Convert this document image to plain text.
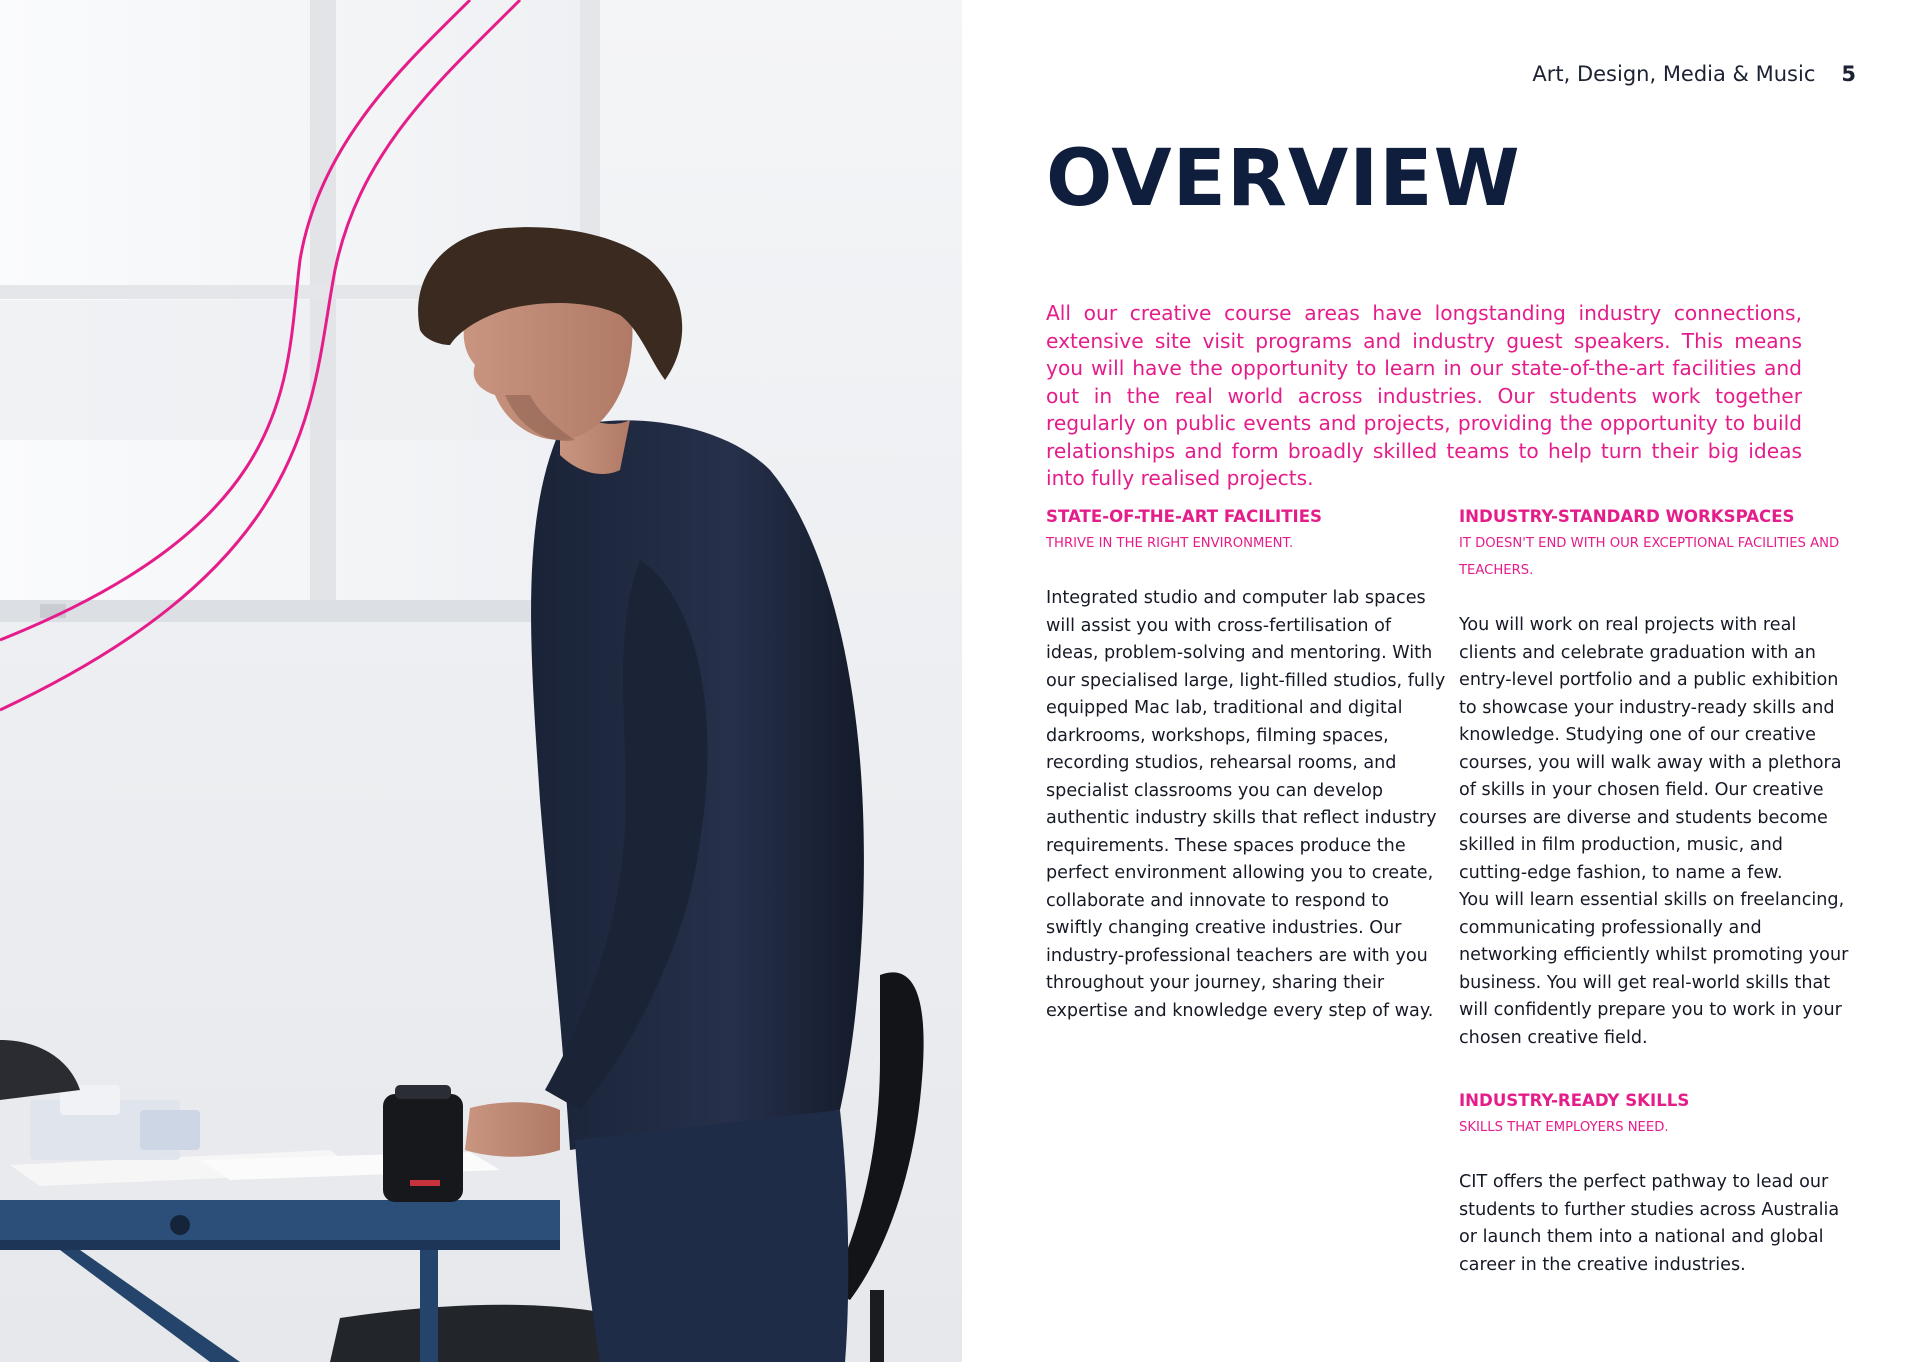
Art, Design, Media & Music 5
OVERVIEW

All our creative course areas have longstanding industry connections, extensive site visit programs and industry guest speakers. This means you will have the opportunity to learn in our state-of-the-art facilities and out in the real world across industries. Our students work together regularly on public events and projects, providing the opportunity to build relationships and form broadly skilled teams to help turn their big ideas into fully realised projects.

STATE-OF-THE-ART FACILITIES

THRIVE IN THE RIGHT ENVIRONMENT.

Integrated studio and computer lab spaces will assist you with cross-fertilisation of ideas, problem-solving and mentoring. With our specialised large, light-filled studios, fully equipped Mac lab, traditional and digital darkrooms, workshops, filming spaces, recording studios, rehearsal rooms, and specialist classrooms you can develop authentic industry skills that reflect industry requirements. These spaces produce the perfect environment allowing you to create, collaborate and innovate to respond to swiftly changing creative industries. Our industry-professional teachers are with you throughout your journey, sharing their expertise and knowledge every step of way.

INDUSTRY-STANDARD WORKSPACES

IT DOESN'T END WITH OUR EXCEPTIONAL FACILITIES AND TEACHERS.

You will work on real projects with real clients and celebrate graduation with an entry-level portfolio and a public exhibition to showcase your industry-ready skills and knowledge. Studying one of our creative courses, you will walk away with a plethora of skills in your chosen field. Our creative courses are diverse and students become skilled in film production, music, and cutting-edge fashion, to name a few.
You will learn essential skills on freelancing, communicating professionally and networking efficiently whilst promoting your business. You will get real-world skills that will confidently prepare you to work in your chosen creative field.

INDUSTRY-READY SKILLS

SKILLS THAT EMPLOYERS NEED.

CIT offers the perfect pathway to lead our students to further studies across Australia or launch them into a national and global career in the creative industries.
